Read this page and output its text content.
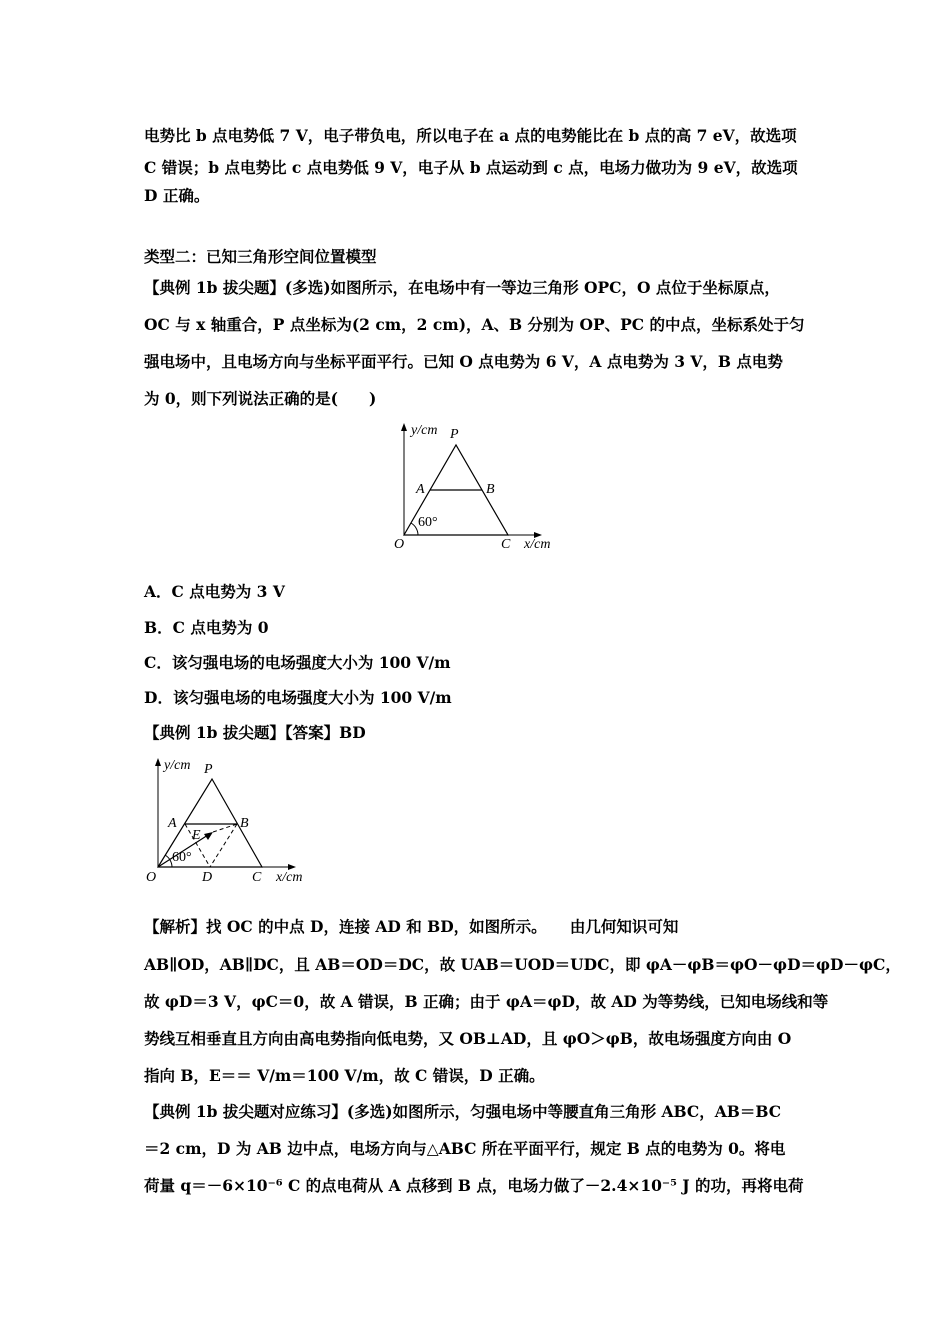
电势比 b 点电势低 7 V，电子带负电，所以电子在 a 点的电势能比在 b 点的高 7 eV，故选项
C 错误；b 点电势比 c 点电势低 9 V，电子从 b 点运动到 c 点，电场力做功为 9 eV，故选项
D 正确。
类型二：已知三角形空间位置模型
【典例 1b 拔尖题】(多选)如图所示，在电场中有一等边三角形 OPC，O 点位于坐标原点，
OC 与 x 轴重合，P 点坐标为(2 cm，2 cm)，A、B 分别为 OP、PC 的中点，坐标系处于匀
强电场中，且电场方向与坐标平面平行。已知 O 点电势为 6 V，A 点电势为 3 V，B 点电势
为 0，则下列说法正确的是(　　)
y/cm P
A	B
60°
O	C x/cm
A．C 点电势为 3 V
B．C 点电势为 0
C．该匀强电场的电场强度大小为 100 V/m
D．该匀强电场的电场强度大小为 100 V/m
【典例 1b 拔尖题】【答案】BD
y/cm P
A	B
E
60°
O	D	C x/cm
【解析】找 OC 的中点 D，连接 AD 和 BD，如图所示。　　由几何知识可知
AB∥OD，AB∥DC，且 AB＝OD＝DC，故 UAB＝UOD＝UDC，即 φA－φB＝φO－φD＝φD－φC，
故 φD＝3 V，φC＝0，故 A 错误，B 正确；由于 φA＝φD，故 AD 为等势线，已知电场线和等
势线互相垂直且方向由高电势指向低电势，又 OB⊥AD，且 φO＞φB，故电场强度方向由 O
指向 B，E＝＝ V/m＝100 V/m，故 C 错误，D 正确。
【典例 1b 拔尖题对应练习】(多选)如图所示，匀强电场中等腰直角三角形 ABC，AB＝BC
＝2 cm，D 为 AB 边中点，电场方向与△ABC 所在平面平行，规定 B 点的电势为 0。将电
荷量 q＝－6×10⁻⁶ C 的点电荷从 A 点移到 B 点，电场力做了－2.4×10⁻⁵ J 的功，再将电荷
